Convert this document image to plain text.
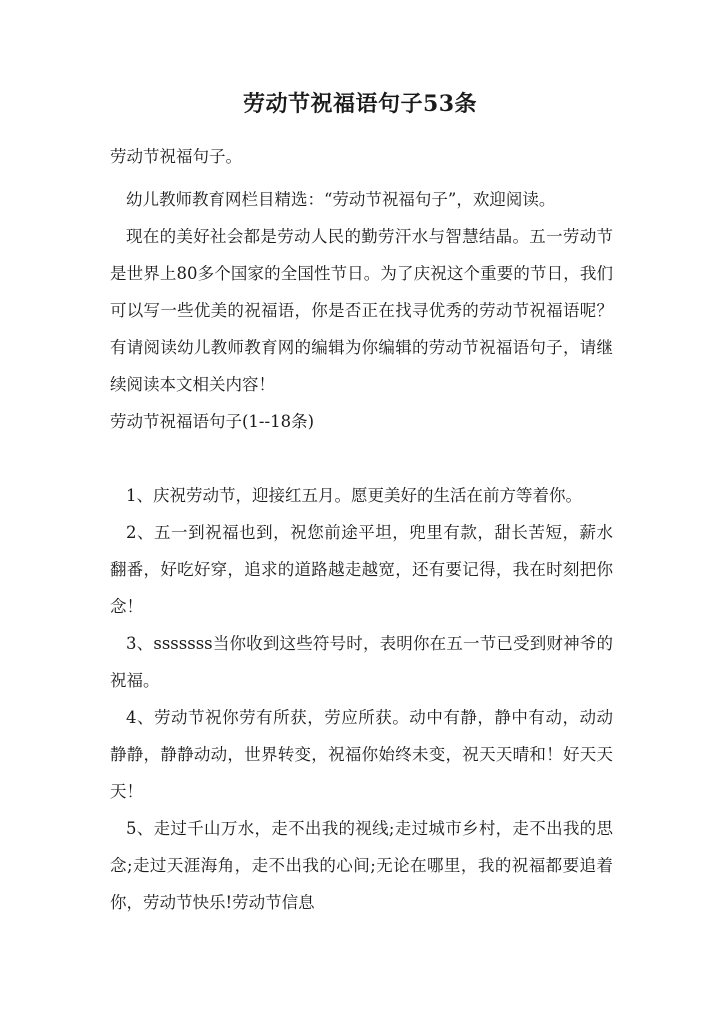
劳动节祝福语句子53条

劳动节祝福句子。

幼儿教师教育网栏目精选：“劳动节祝福句子”，欢迎阅读。

现在的美好社会都是劳动人民的勤劳汗水与智慧结晶。五一劳动节是世界上80多个国家的全国性节日。为了庆祝这个重要的节日，我们可以写一些优美的祝福语，你是否正在找寻优秀的劳动节祝福语呢？有请阅读幼儿教师教育网的编辑为你编辑的劳动节祝福语句子，请继续阅读本文相关内容！

劳动节祝福语句子(1--18条)

1、庆祝劳动节，迎接红五月。愿更美好的生活在前方等着你。

2、五一到祝福也到，祝您前途平坦，兜里有款，甜长苦短，薪水翻番，好吃好穿，追求的道路越走越宽，还有要记得，我在时刻把你念！

3、sssssss当你收到这些符号时，表明你在五一节已受到财神爷的祝福。

4、劳动节祝你劳有所获，劳应所获。动中有静，静中有动，动动静静，静静动动，世界转变，祝福你始终未变，祝天天晴和！好天天天！

5、走过千山万水，走不出我的视线;走过城市乡村，走不出我的思念;走过天涯海角，走不出我的心间;无论在哪里，我的祝福都要追着你，劳动节快乐!劳动节信息
